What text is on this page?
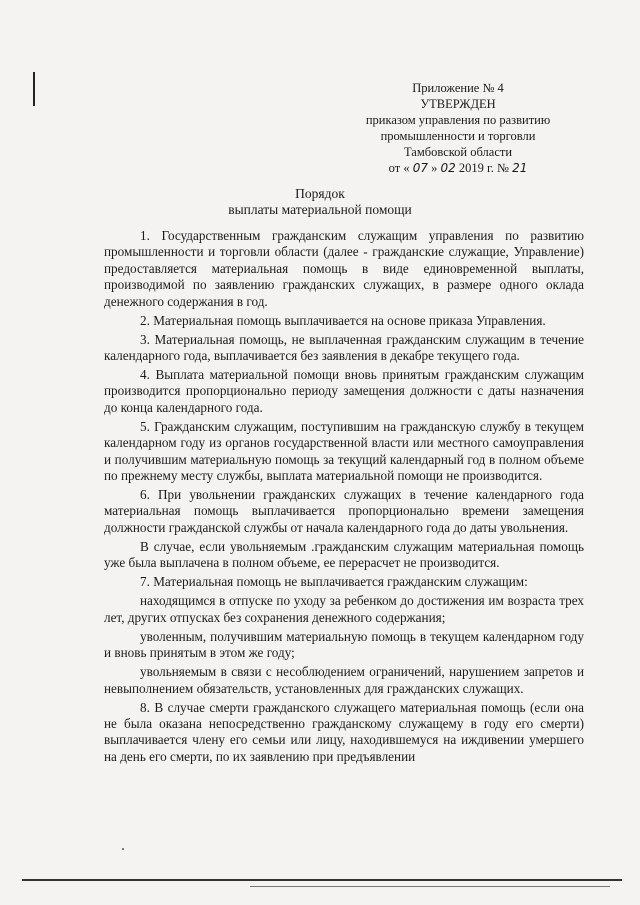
Приложение № 4
УТВЕРЖДЕН
приказом управления по развитию
промышленности и торговли
Тамбовской области
от « 07 » 02 2019 г. № 21
Порядок
выплаты материальной помощи

1. Государственным гражданским служащим управления по развитию промышленности и торговли области (далее - гражданские служащие, Управление) предоставляется материальная помощь в виде единовременной выплаты, производимой по заявлению гражданских служащих, в размере одного оклада денежного содержания в год.

2. Материальная помощь выплачивается на основе приказа Управления.

3. Материальная помощь, не выплаченная гражданским служащим в течение календарного года, выплачивается без заявления в декабре текущего года.

4. Выплата материальной помощи вновь принятым гражданским служащим производится пропорционально периоду замещения должности с даты назначения до конца календарного года.

5. Гражданским служащим, поступившим на гражданскую службу в текущем календарном году из органов государственной власти или местного самоуправления и получившим материальную помощь за текущий календарный год в полном объеме по прежнему месту службы, выплата материальной помощи не производится.

6. При увольнении гражданских служащих в течение календарного года материальная помощь выплачивается пропорционально времени замещения должности гражданской службы от начала календарного года до даты увольнения.

В случае, если увольняемым .гражданским служащим материальная помощь уже была выплачена в полном объеме, ее перерасчет не производится.

7. Материальная помощь не выплачивается гражданским служащим:

находящимся в отпуске по уходу за ребенком до достижения им возраста трех лет, других отпусках без сохранения денежного содержания;

уволенным, получившим материальную помощь в текущем календарном году и вновь принятым в этом же году;

увольняемым в связи с несоблюдением ограничений, нарушением запретов и невыполнением обязательств, установленных для гражданских служащих.

8. В случае смерти гражданского служащего материальная помощь (если она не была оказана непосредственно гражданскому служащему в году его смерти) выплачивается члену его семьи или лицу, находившемуся на иждивении умершего на день его смерти, по их заявлению при предъявлении
